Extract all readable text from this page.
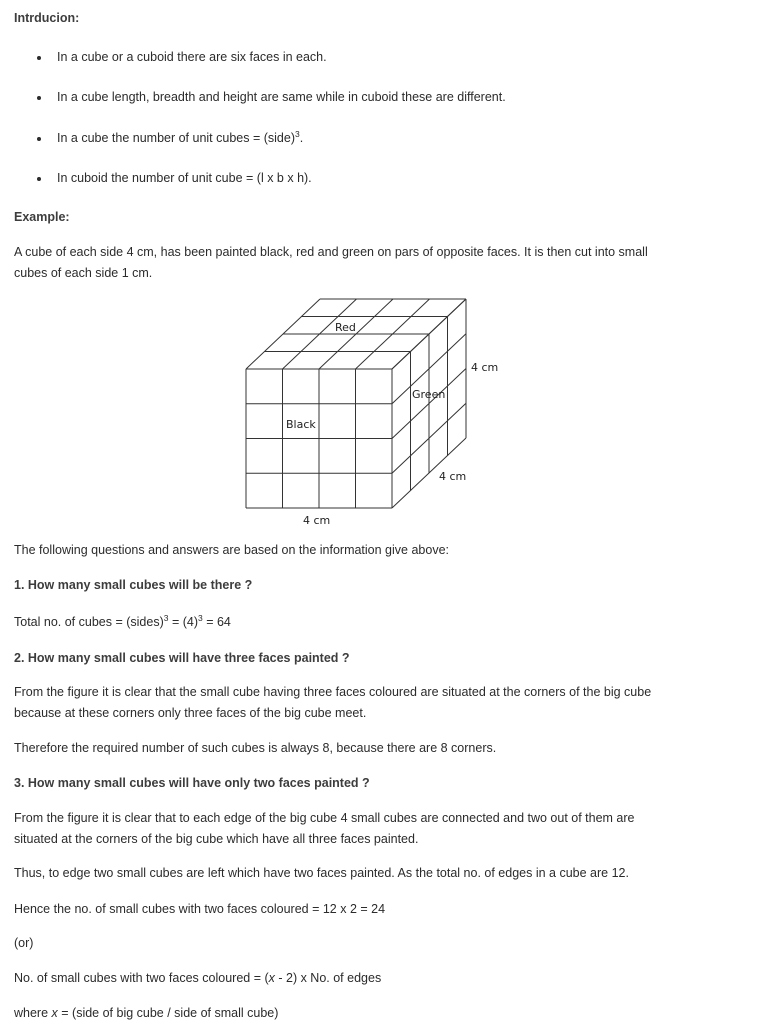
Intrducion:
In a cube or a cuboid there are six faces in each.
In a cube length, breadth and height are same while in cuboid these are different.
In a cube the number of unit cubes = (side)$^3$.
In cuboid the number of unit cube = (l x b x h).
Example:
A cube of each side 4 cm, has been painted black, red and green on pars of opposite faces. It is then cut into small
cubes of each side 1 cm.
Red
Black
Green
4 cm
4 cm
4 cm
The following questions and answers are based on the information give above:
1. How many small cubes will be there ?
Total no. of cubes = (sides)$^3$ = $(4)^3 = 64$
2. How many small cubes will have three faces painted ?
From the figure it is clear that the small cube having three faces coloured are situated at the corners of the big cube
because at these corners only three faces of the big cube meet.
Therefore the required number of such cubes is always 8, because there are 8 corners.
3. How many small cubes will have only two faces painted ?
From the figure it is clear that to each edge of the big cube 4 small cubes are connected and two out of them are
situated at the corners of the big cube which have all three faces painted.
Thus, to edge two small cubes are left which have two faces painted. As the total no. of edges in a cube are 12.
Hence the no. of small cubes with two faces coloured = 12 x 2 = 24
(or)
No. of small cubes with two faces coloured = (x - 2) x No. of edges
where x = (side of big cube / side of small cube)
